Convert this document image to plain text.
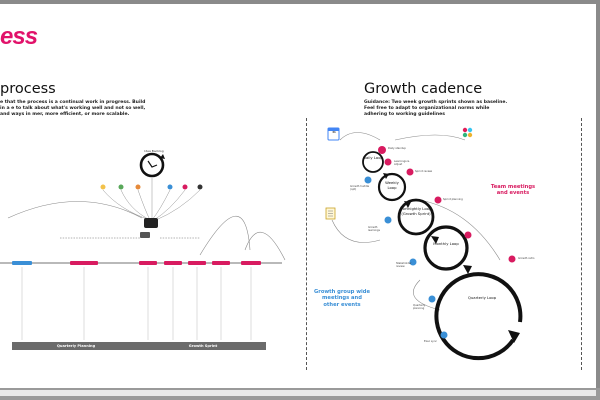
ess
process
e that the process is a continual work in progress. Build in a e to talk about what's working well and not so well, and ways in mer, more efficient, or more scalable.
Growth cadence
Guidance: Two week growth sprints shown as baseline. Feel free to adapt to organizational norms while adhering to working guidelines
Idea Backlog
Quarterly Planning	Growth Sprint
31
Daily Loop
Weekly Loop
Fortnightly Loop (Growth Sprint)
Monthly Loop
Quarterly Loop
Daily standup
Learnings & Adjust
Growth huddle (opt)
Sprint review
Sprint planning
Growth learnings
Stakeholder review
Growth retro
Quarterly planning
Exec sync
Team meetings and events
Growth group wide meetings and other events
